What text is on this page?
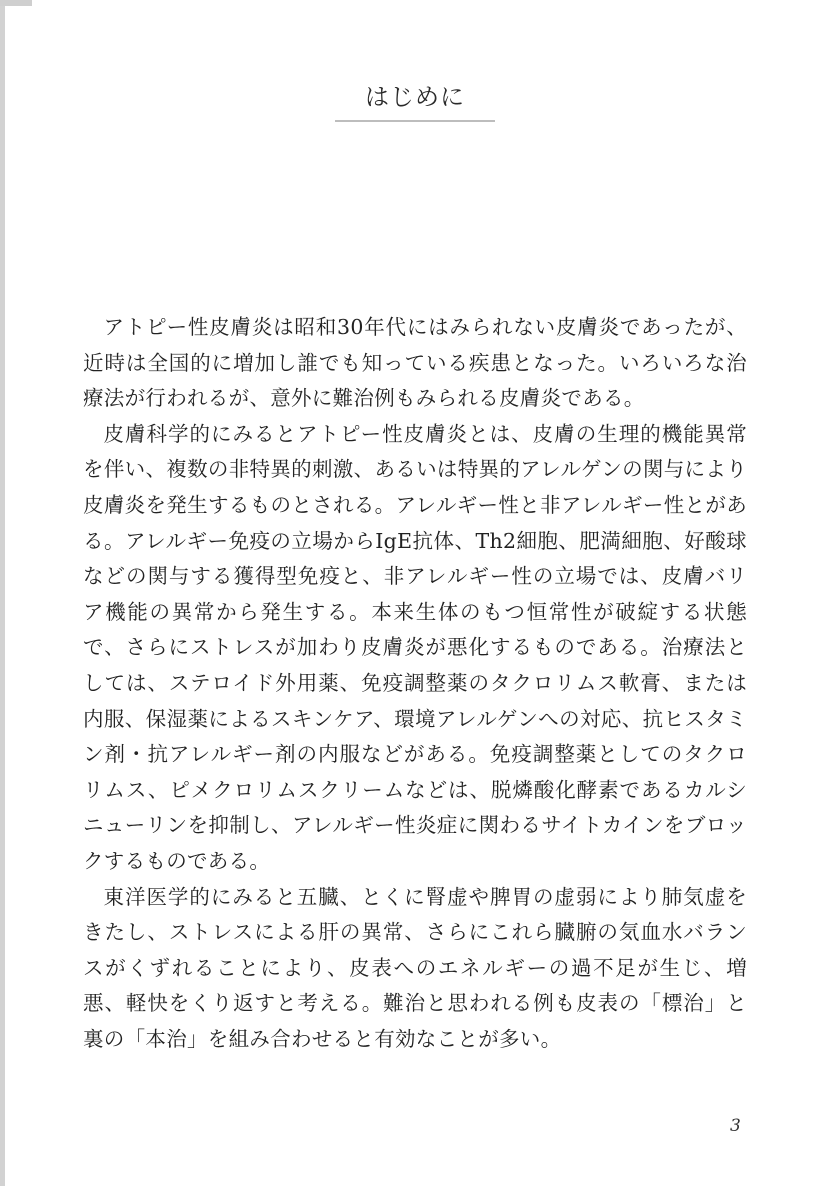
はじめに

アトピー性皮膚炎は昭和30年代にはみられない皮膚炎であったが、近時は全国的に増加し誰でも知っている疾患となった。いろいろな治療法が行われるが、意外に難治例もみられる皮膚炎である。

皮膚科学的にみるとアトピー性皮膚炎とは、皮膚の生理的機能異常を伴い、複数の非特異的刺激、あるいは特異的アレルゲンの関与により皮膚炎を発生するものとされる。アレルギー性と非アレルギー性とがある。アレルギー免疫の立場からIgE抗体、Th2細胞、肥満細胞、好酸球などの関与する獲得型免疫と、非アレルギー性の立場では、皮膚バリア機能の異常から発生する。本来生体のもつ恒常性が破綻する状態で、さらにストレスが加わり皮膚炎が悪化するものである。治療法としては、ステロイド外用薬、免疫調整薬のタクロリムス軟膏、または内服、保湿薬によるスキンケア、環境アレルゲンへの対応、抗ヒスタミン剤・抗アレルギー剤の内服などがある。免疫調整薬としてのタクロリムス、ピメクロリムスクリームなどは、脱燐酸化酵素であるカルシニューリンを抑制し、アレルギー性炎症に関わるサイトカインをブロックするものである。

東洋医学的にみると五臓、とくに腎虚や脾胃の虚弱により肺気虚をきたし、ストレスによる肝の異常、さらにこれら臓腑の気血水バランスがくずれることにより、皮表へのエネルギーの過不足が生じ、増悪、軽快をくり返すと考える。難治と思われる例も皮表の「標治」と裏の「本治」を組み合わせると有効なことが多い。

3
